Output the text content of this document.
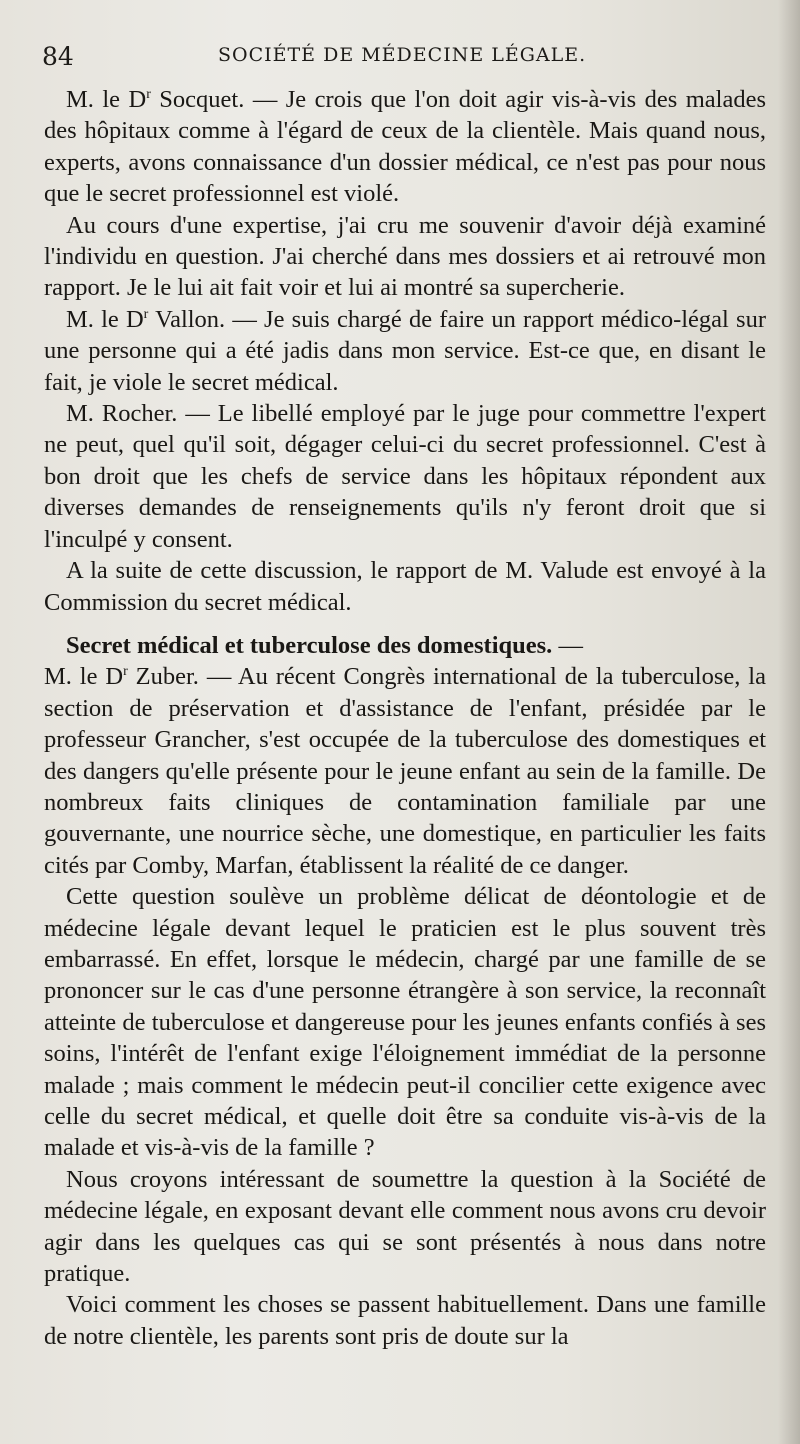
84	SOCIÉTÉ DE MÉDECINE LÉGALE.

M. le $D^r$ Socquet. — Je crois que l'on doit agir vis-à-vis des malades des hôpitaux comme à l'égard de ceux de la clientèle. Mais quand nous, experts, avons connaissance d'un dossier médical, ce n'est pas pour nous que le secret professionnel est violé.

Au cours d'une expertise, j'ai cru me souvenir d'avoir déjà examiné l'individu en question. J'ai cherché dans mes dossiers et ai retrouvé mon rapport. Je le lui ait fait voir et lui ai montré sa supercherie.

M. le $D^r$ Vallon. — Je suis chargé de faire un rapport médico-légal sur une personne qui a été jadis dans mon service. Est-ce que, en disant le fait, je viole le secret médical.

M. Rocher. — Le libellé employé par le juge pour commettre l'expert ne peut, quel qu'il soit, dégager celui-ci du secret professionnel. C'est à bon droit que les chefs de service dans les hôpitaux répondent aux diverses demandes de renseignements qu'ils n'y feront droit que si l'inculpé y consent.

A la suite de cette discussion, le rapport de M. Valude est envoyé à la Commission du secret médical.

Secret médical et tuberculose des domestiques. —
M. le $D^r$ Zuber. — Au récent Congrès international de la tuberculose, la section de préservation et d'assistance de l'enfant, présidée par le professeur Grancher, s'est occupée de la tuberculose des domestiques et des dangers qu'elle présente pour le jeune enfant au sein de la famille. De nombreux faits cliniques de contamination familiale par une gouvernante, une nourrice sèche, une domestique, en particulier les faits cités par Comby, Marfan, établissent la réalité de ce danger.

Cette question soulève un problème délicat de déontologie et de médecine légale devant lequel le praticien est le plus souvent très embarrassé. En effet, lorsque le médecin, chargé par une famille de se prononcer sur le cas d'une personne étrangère à son service, la reconnaît atteinte de tuberculose et dangereuse pour les jeunes enfants confiés à ses soins, l'intérêt de l'enfant exige l'éloignement immédiat de la personne malade ; mais comment le médecin peut-il concilier cette exigence avec celle du secret médical, et quelle doit être sa conduite vis-à-vis de la malade et vis-à-vis de la famille ?

Nous croyons intéressant de soumettre la question à la Société de médecine légale, en exposant devant elle comment nous avons cru devoir agir dans les quelques cas qui se sont présentés à nous dans notre pratique.

Voici comment les choses se passent habituellement. Dans une famille de notre clientèle, les parents sont pris de doute sur la
